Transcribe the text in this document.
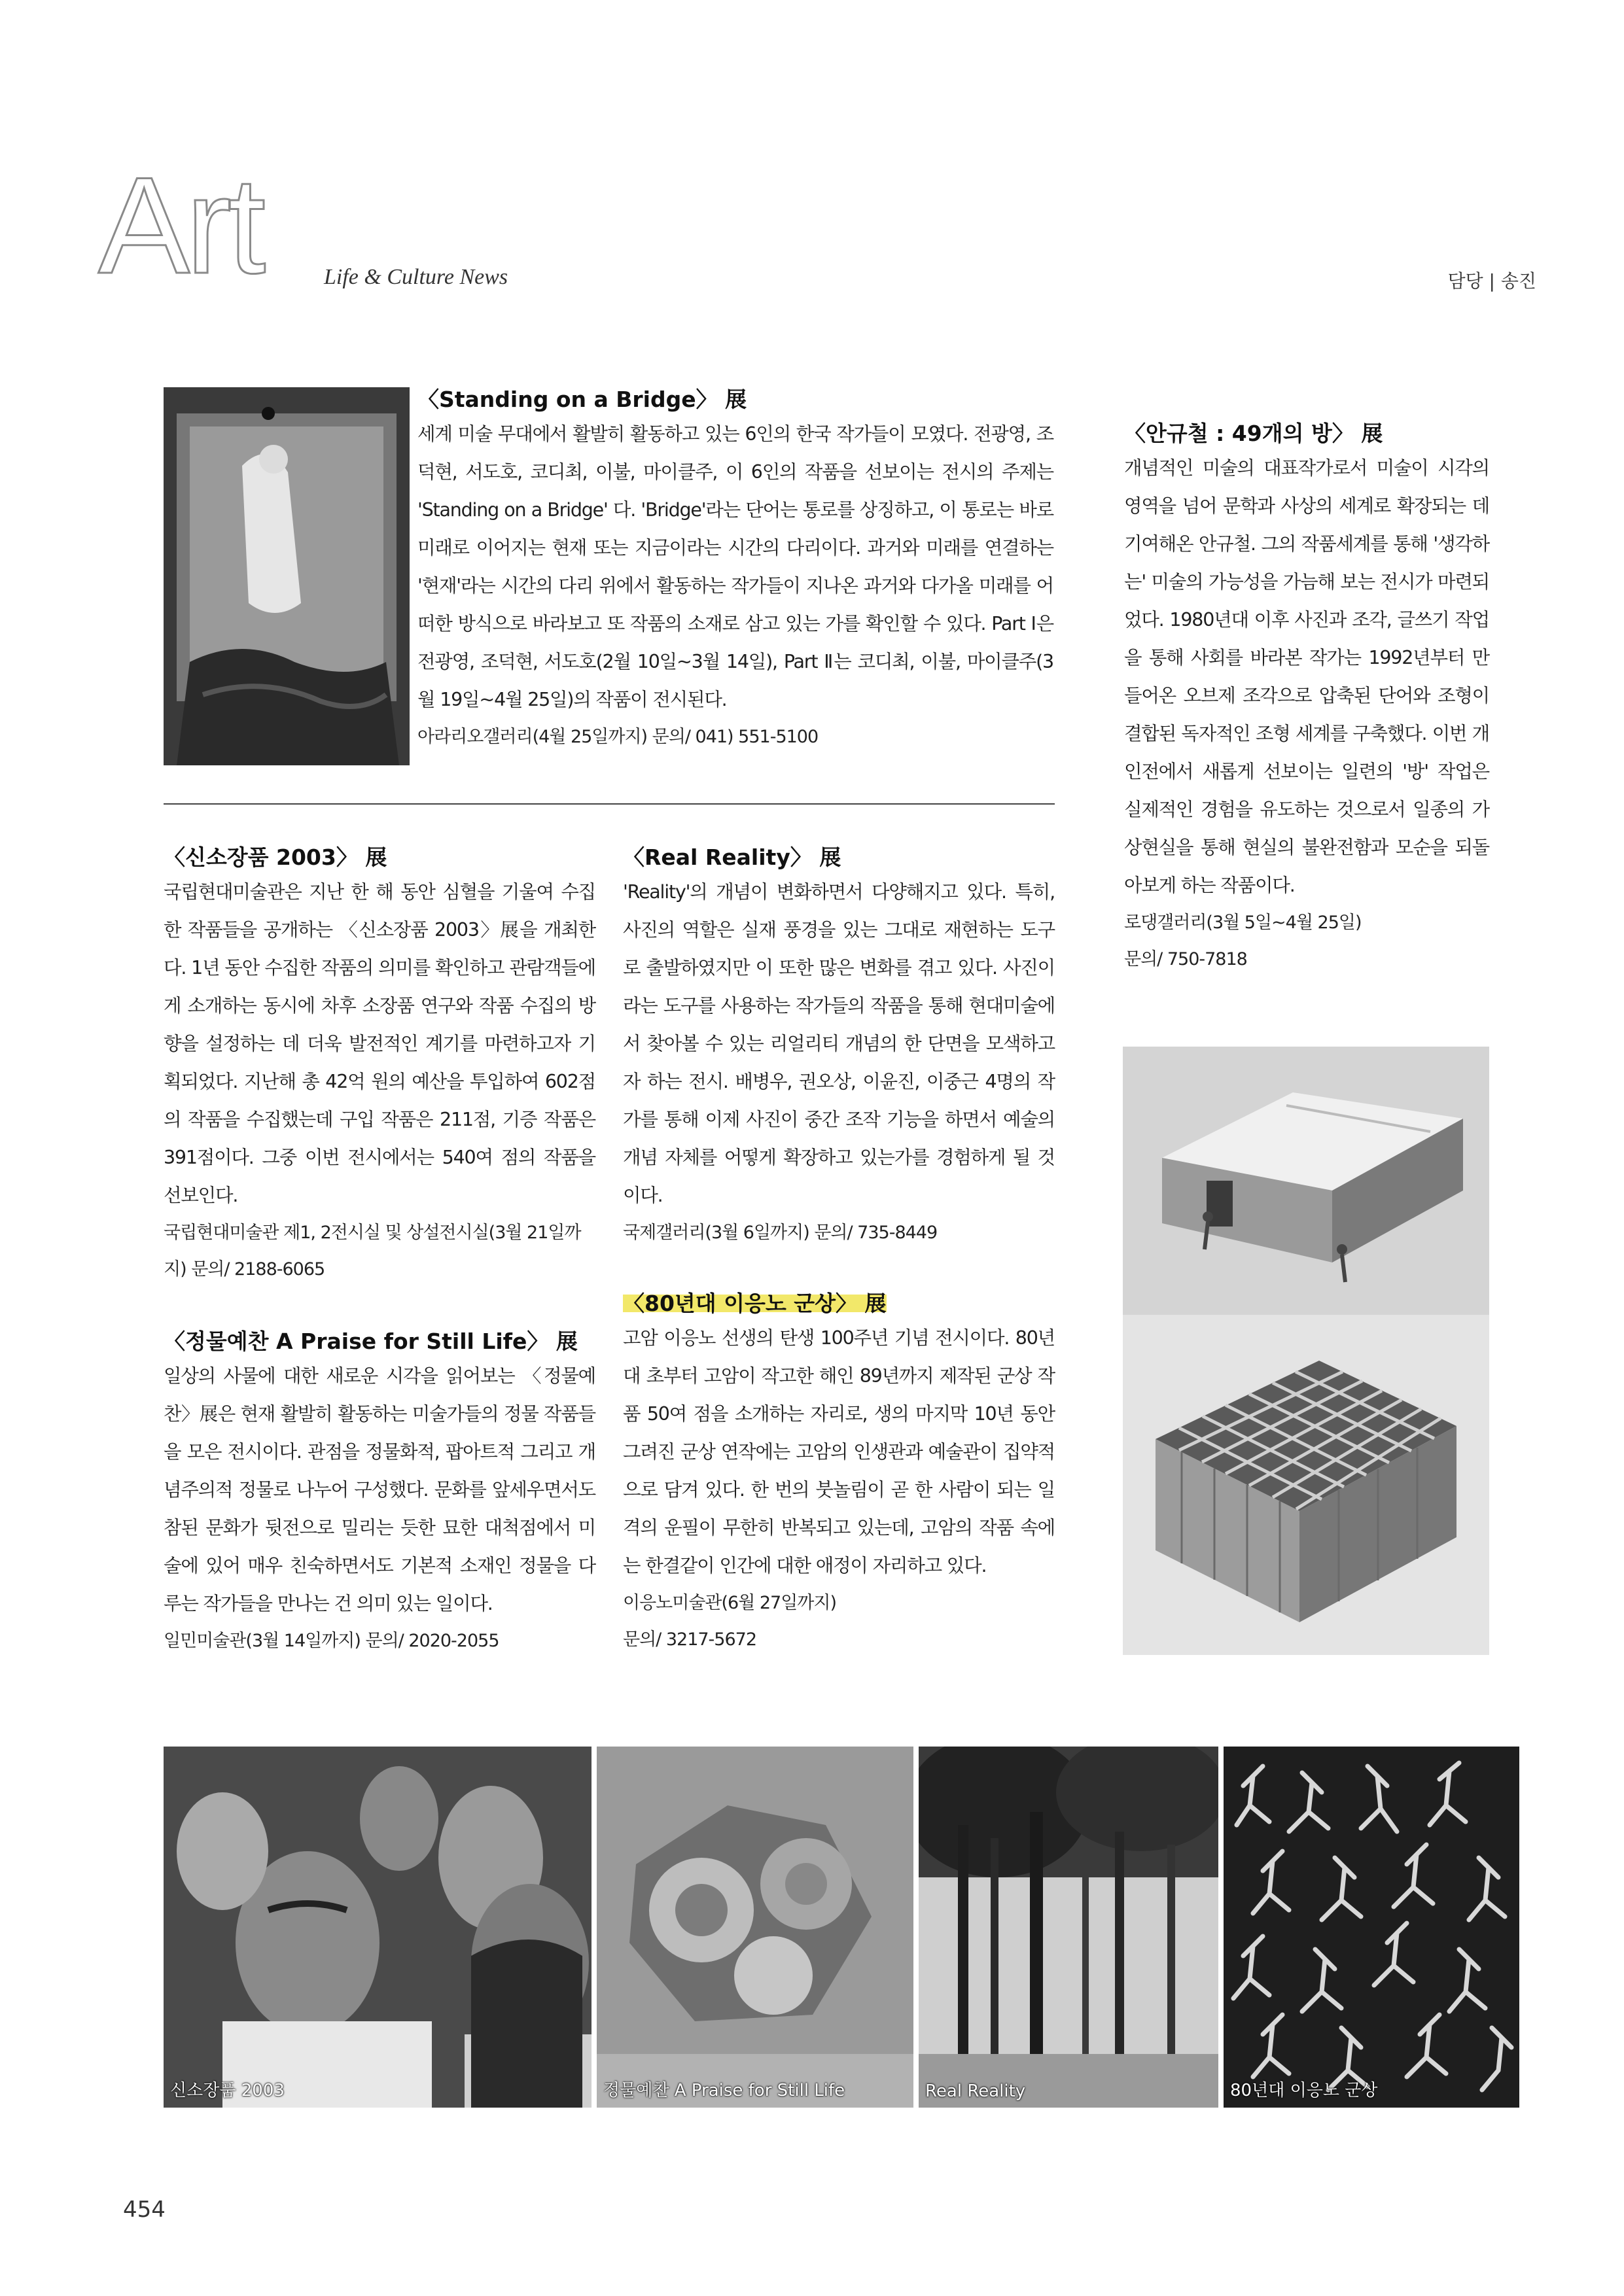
Art	Life & Culture News	담당 | 송진
〈Standing on a Bridge〉 展
세계 미술 무대에서 활발히 활동하고 있는 6인의 한국 작가들이 모였다. 전광영, 조덕현, 서도호, 코디최, 이불, 마이클주, 이 6인의 작품을 선보이는 전시의 주제는 'Standing on a Bridge' 다. 'Bridge'라는 단어는 통로를 상징하고, 이 통로는 바로 미래로 이어지는 현재 또는 지금이라는 시간의 다리이다. 과거와 미래를 연결하는 '현재'라는 시간의 다리 위에서 활동하는 작가들이 지나온 과거와 다가올 미래를 어떠한 방식으로 바라보고 또 작품의 소재로 삼고 있는 가를 확인할 수 있다. Part Ⅰ은 전광영, 조덕현, 서도호(2월 10일~3월 14일), Part Ⅱ는 코디최, 이불, 마이클주(3월 19일~4월 25일)의 작품이 전시된다.
아라리오갤러리(4월 25일까지) 문의/ 041) 551-5100
〈안규철 : 49개의 방〉 展
개념적인 미술의 대표작가로서 미술이 시각의 영역을 넘어 문학과 사상의 세계로 확장되는 데 기여해온 안규철. 그의 작품세계를 통해 '생각하는' 미술의 가능성을 가늠해 보는 전시가 마련되었다. 1980년대 이후 사진과 조각, 글쓰기 작업을 통해 사회를 바라본 작가는 1992년부터 만들어온 오브제 조각으로 압축된 단어와 조형이 결합된 독자적인 조형 세계를 구축했다. 이번 개인전에서 새롭게 선보이는 일련의 '방' 작업은 실제적인 경험을 유도하는 것으로서 일종의 가상현실을 통해 현실의 불완전함과 모순을 되돌아보게 하는 작품이다.
로댕갤러리(3월 5일~4월 25일)
문의/ 750-7818
〈신소장품 2003〉 展
국립현대미술관은 지난 한 해 동안 심혈을 기울여 수집한 작품들을 공개하는 〈신소장품 2003〉展을 개최한다. 1년 동안 수집한 작품의 의미를 확인하고 관람객들에게 소개하는 동시에 차후 소장품 연구와 작품 수집의 방향을 설정하는 데 더욱 발전적인 계기를 마련하고자 기획되었다. 지난해 총 42억 원의 예산을 투입하여 602점의 작품을 수집했는데 구입 작품은 211점, 기증 작품은 391점이다. 그중 이번 전시에서는 540여 점의 작품을 선보인다.
국립현대미술관 제1, 2전시실 및 상설전시실(3월 21일까지) 문의/ 2188-6065
〈정물예찬 A Praise for Still Life〉 展
일상의 사물에 대한 새로운 시각을 읽어보는 〈정물예찬〉展은 현재 활발히 활동하는 미술가들의 정물 작품들을 모은 전시이다. 관점을 정물화적, 팝아트적 그리고 개념주의적 정물로 나누어 구성했다. 문화를 앞세우면서도 참된 문화가 뒷전으로 밀리는 듯한 묘한 대척점에서 미술에 있어 매우 친숙하면서도 기본적 소재인 정물을 다루는 작가들을 만나는 건 의미 있는 일이다.
일민미술관(3월 14일까지) 문의/ 2020-2055
〈Real Reality〉 展
'Reality'의 개념이 변화하면서 다양해지고 있다. 특히, 사진의 역할은 실재 풍경을 있는 그대로 재현하는 도구로 출발하였지만 이 또한 많은 변화를 겪고 있다. 사진이라는 도구를 사용하는 작가들의 작품을 통해 현대미술에서 찾아볼 수 있는 리얼리티 개념의 한 단면을 모색하고자 하는 전시. 배병우, 권오상, 이윤진, 이중근 4명의 작가를 통해 이제 사진이 중간 조작 기능을 하면서 예술의 개념 자체를 어떻게 확장하고 있는가를 경험하게 될 것이다.
국제갤러리(3월 6일까지) 문의/ 735-8449
〈80년대 이응노 군상〉 展
고암 이응노 선생의 탄생 100주년 기념 전시이다. 80년대 초부터 고암이 작고한 해인 89년까지 제작된 군상 작품 50여 점을 소개하는 자리로, 생의 마지막 10년 동안 그려진 군상 연작에는 고암의 인생관과 예술관이 집약적으로 담겨 있다. 한 번의 붓놀림이 곧 한 사람이 되는 일격의 운필이 무한히 반복되고 있는데, 고암의 작품 속에는 한결같이 인간에 대한 애정이 자리하고 있다.
이응노미술관(6월 27일까지)
문의/ 3217-5672
신소장품 2003	정물예찬 A Praise for Still Life	Real Reality	80년대 이응노 군상
454
